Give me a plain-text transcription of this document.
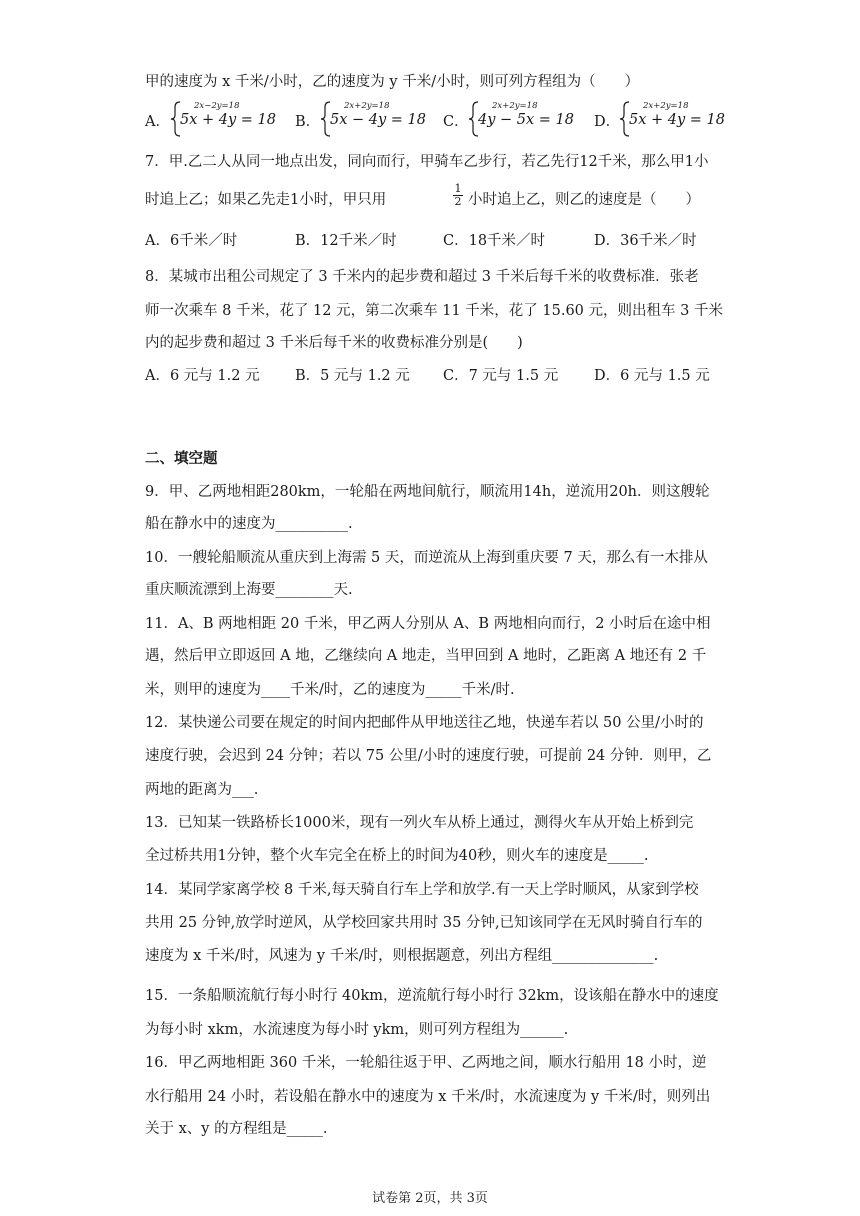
甲的速度为 x 千米/小时，乙的速度为 y 千米/小时，则可列方程组为（　　）
A．
2x−2y=18
5x + 4y = 18 B．
2x+2y=18
5x − 4y = 18 C．
2x+2y=18
4y − 5x = 18 D．
2x+2y=18
5x + 4y = 18
7．甲.乙二人从同一地点出发，同向而行，甲骑车乙步行，若乙先行12千米，那么甲1小
时追上乙；如果乙先走1小时，甲只用
1
2 小时追上乙，则乙的速度是（　　）
A．6千米／时	B．12千米／时	C．18千米／时	D．36千米／时
8．某城市出租公司规定了 3 千米内的起步费和超过 3 千米后每千米的收费标准．张老
师一次乘车 8 千米，花了 12 元，第二次乘车 11 千米，花了 15.60 元，则出租车 3 千米
内的起步费和超过 3 千米后每千米的收费标准分别是(　　)
A．6 元与 1.2 元 B．5 元与 1.2 元 C．7 元与 1.5 元 D．6 元与 1.5 元
二、填空题
9．甲、乙两地相距280km，一轮船在两地间航行，顺流用14h，逆流用20h．则这艘轮
船在静水中的速度为__________.
10．一艘轮船顺流从重庆到上海需 5 天，而逆流从上海到重庆要 7 天，那么有一木排从
重庆顺流漂到上海要________天.
11．A、B 两地相距 20 千米，甲乙两人分别从 A、B 两地相向而行，2 小时后在途中相
遇，然后甲立即返回 A 地，乙继续向 A 地走，当甲回到 A 地时，乙距离 A 地还有 2 千
米，则甲的速度为____千米/时，乙的速度为_____千米/时.
12．某快递公司要在规定的时间内把邮件从甲地送往乙地，快递车若以 50 公里/小时的
速度行驶，会迟到 24 分钟；若以 75 公里/小时的速度行驶，可提前 24 分钟．则甲，乙
两地的距离为___.
13．已知某一铁路桥长1000米，现有一列火车从桥上通过，测得火车从开始上桥到完
全过桥共用1分钟，整个火车完全在桥上的时间为40秒，则火车的速度是_____.
14．某同学家离学校 8 千米,每天骑自行车上学和放学.有一天上学时顺风，从家到学校
共用 25 分钟,放学时逆风，从学校回家共用时 35 分钟,已知该同学在无风时骑自行车的
速度为 x 千米/时，风速为 y 千米/时，则根据题意，列出方程组______________.
15．一条船顺流航行每小时行 40km，逆流航行每小时行 32km，设该船在静水中的速度
为每小时 xkm，水流速度为每小时 ykm，则可列方程组为______.
16．甲乙两地相距 360 千米，一轮船往返于甲、乙两地之间，顺水行船用 18 小时，逆
水行船用 24 小时，若设船在静水中的速度为 x 千米/时，水流速度为 y 千米/时，则列出
关于 x、y 的方程组是_____.
试卷第 2页，共 3页
